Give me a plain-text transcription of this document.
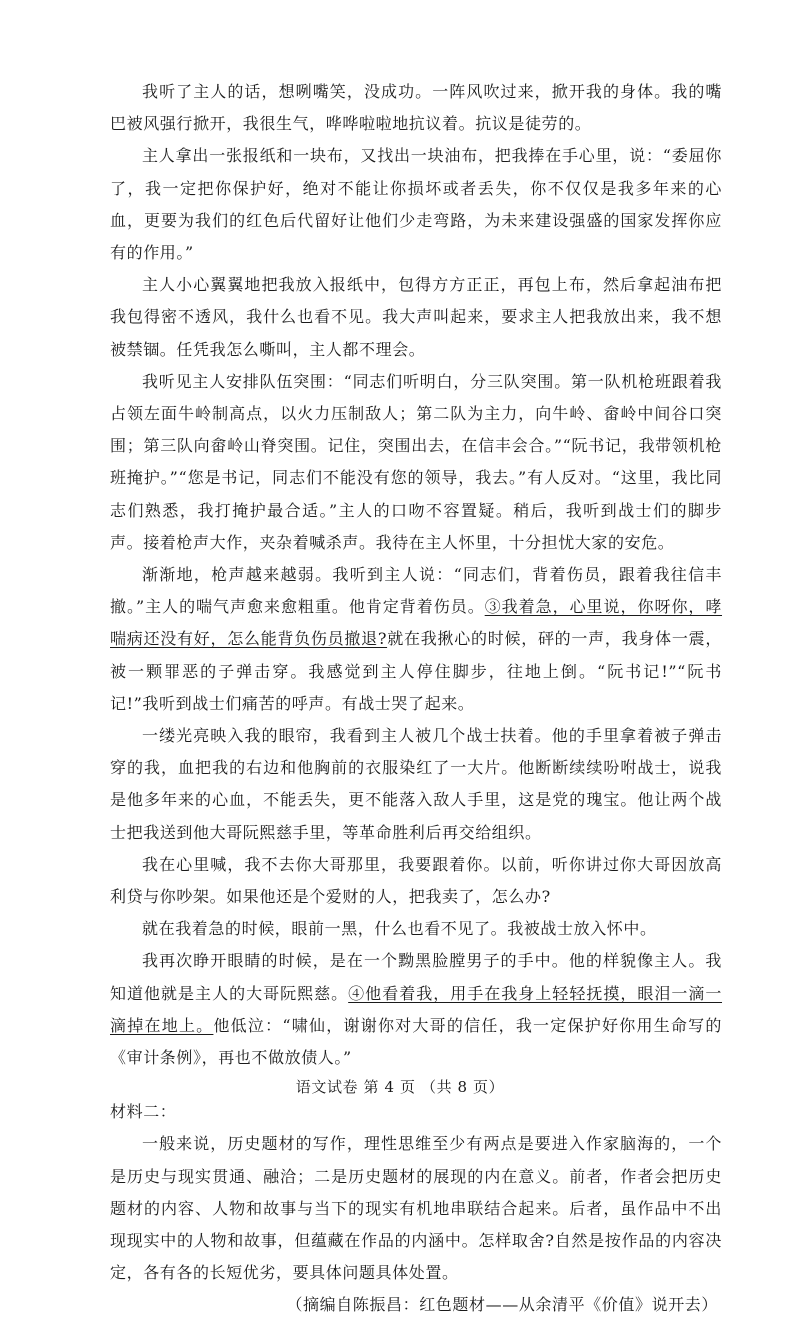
我听了主人的话，想咧嘴笑，没成功。一阵风吹过来，掀开我的身体。我的嘴巴被风强行掀开，我很生气，哗哗啦啦地抗议着。抗议是徒劳的。

主人拿出一张报纸和一块布，又找出一块油布，把我捧在手心里，说：“委屈你了，我一定把你保护好，绝对不能让你损坏或者丢失，你不仅仅是我多年来的心血，更要为我们的红色后代留好让他们少走弯路，为未来建设强盛的国家发挥你应有的作用。”

主人小心翼翼地把我放入报纸中，包得方方正正，再包上布，然后拿起油布把我包得密不透风，我什么也看不见。我大声叫起来，要求主人把我放出来，我不想被禁锢。任凭我怎么嘶叫，主人都不理会。

我听见主人安排队伍突围：“同志们听明白，分三队突围。第一队机枪班跟着我占领左面牛岭制高点，以火力压制敌人；第二队为主力，向牛岭、畲岭中间谷口突围；第三队向畲岭山脊突围。记住，突围出去，在信丰会合。”“阮书记，我带领机枪班掩护。”“您是书记，同志们不能没有您的领导，我去。”有人反对。“这里，我比同志们熟悉，我打掩护最合适。”主人的口吻不容置疑。稍后，我听到战士们的脚步声。接着枪声大作，夹杂着喊杀声。我待在主人怀里，十分担忧大家的安危。

渐渐地，枪声越来越弱。我听到主人说：“同志们，背着伤员，跟着我往信丰撤。”主人的喘气声愈来愈粗重。他肯定背着伤员。③我着急，心里说，你呀你，哮喘病还没有好，怎么能背负伤员撤退?就在我揪心的时候，砰的一声，我身体一震，被一颗罪恶的子弹击穿。我感觉到主人停住脚步，往地上倒。“阮书记!”“阮书记!”我听到战士们痛苦的呼声。有战士哭了起来。

一缕光亮映入我的眼帘，我看到主人被几个战士扶着。他的手里拿着被子弹击穿的我，血把我的右边和他胸前的衣服染红了一大片。他断断续续吩咐战士，说我是他多年来的心血，不能丢失，更不能落入敌人手里，这是党的瑰宝。他让两个战士把我送到他大哥阮熙慈手里，等革命胜利后再交给组织。

我在心里喊，我不去你大哥那里，我要跟着你。以前，听你讲过你大哥因放高利贷与你吵架。如果他还是个爱财的人，把我卖了，怎么办?

就在我着急的时候，眼前一黑，什么也看不见了。我被战士放入怀中。

我再次睁开眼睛的时候，是在一个黝黑脸膛男子的手中。他的样貌像主人。我知道他就是主人的大哥阮熙慈。④他看着我，用手在我身上轻轻抚摸，眼泪一滴一滴掉在地上。他低泣：“啸仙，谢谢你对大哥的信任，我一定保护好你用生命写的《审计条例》，再也不做放债人。”

材料二：

一般来说，历史题材的写作，理性思维至少有两点是要进入作家脑海的，一个是历史与现实贯通、融洽；二是历史题材的展现的内在意义。前者，作者会把历史题材的内容、人物和故事与当下的现实有机地串联结合起来。后者，虽作品中不出现现实中的人物和故事，但蕴藏在作品的内涵中。怎样取舍?自然是按作品的内容决定，各有各的长短优劣，要具体问题具体处置。

（摘编自陈振昌：红色题材——从余清平《价值》说开去）

语文试卷 第 4 页 （共 8 页）
